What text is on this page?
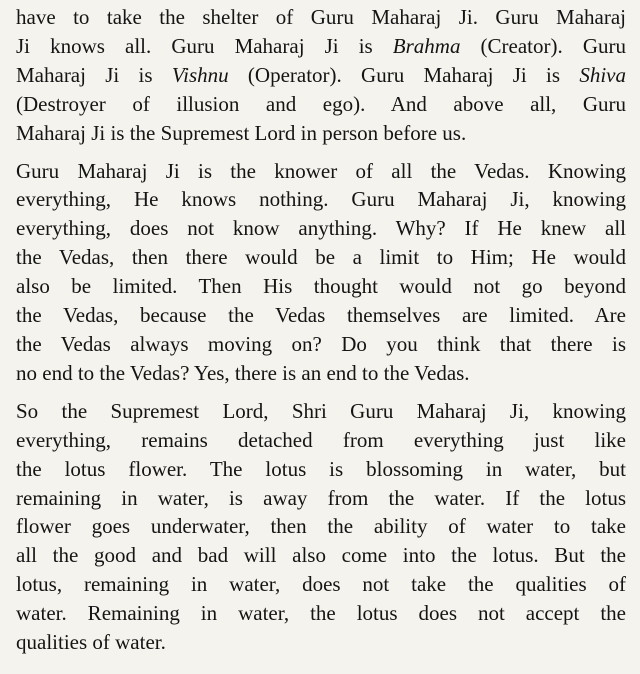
have to take the shelter of Guru Maharaj Ji. Guru Maharaj
Ji knows all. Guru Maharaj Ji is Brahma (Creator). Guru
Maharaj Ji is Vishnu (Operator). Guru Maharaj Ji is Shiva
(Destroyer of illusion and ego). And above all, Guru
Maharaj Ji is the Supremest Lord in person before us.
Guru Maharaj Ji is the knower of all the Vedas. Knowing
everything, He knows nothing. Guru Maharaj Ji, knowing
everything, does not know anything. Why? If He knew all
the Vedas, then there would be a limit to Him; He would
also be limited. Then His thought would not go beyond
the Vedas, because the Vedas themselves are limited. Are
the Vedas always moving on? Do you think that there is
no end to the Vedas? Yes, there is an end to the Vedas.
So the Supremest Lord, Shri Guru Maharaj Ji, knowing
everything, remains detached from everything just like
the lotus flower. The lotus is blossoming in water, but
remaining in water, is away from the water. If the lotus
flower goes underwater, then the ability of water to take
all the good and bad will also come into the lotus. But the
lotus, remaining in water, does not take the qualities of
water. Remaining in water, the lotus does not accept the
qualities of water.
